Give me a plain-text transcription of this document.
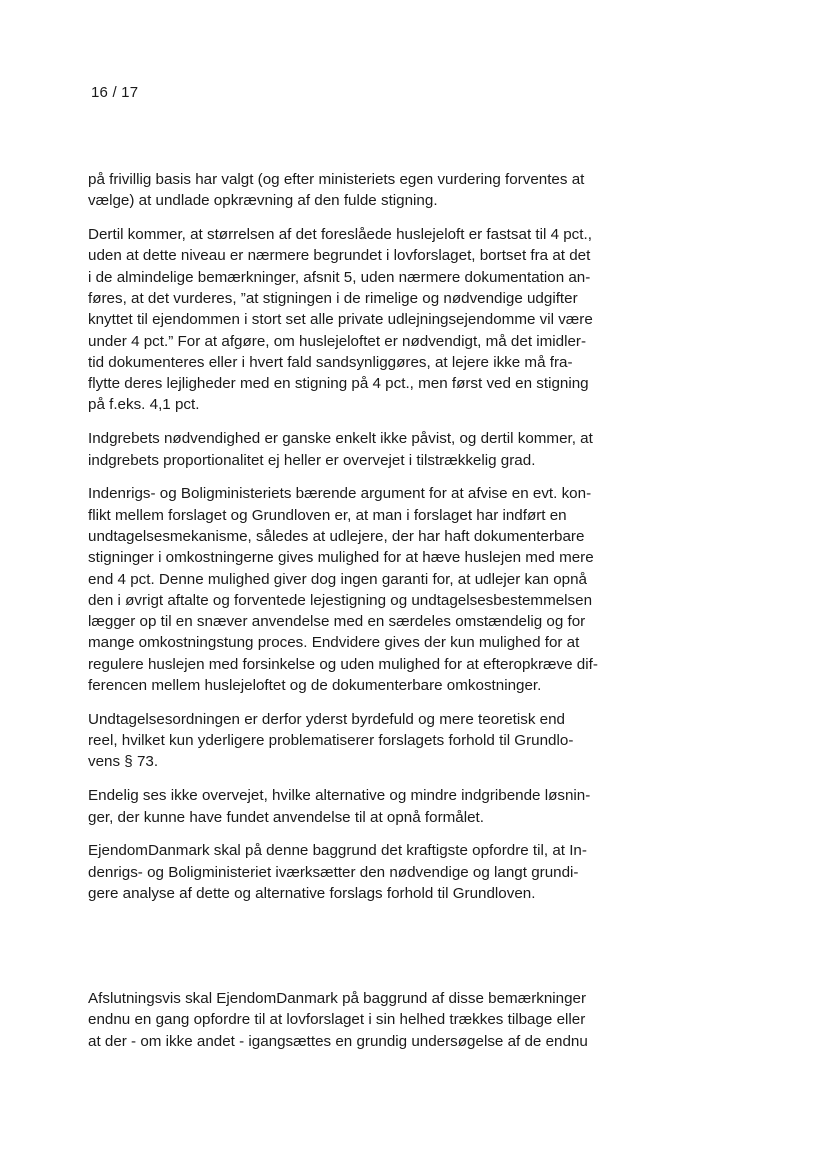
16 / 17

på frivillig basis har valgt (og efter ministeriets egen vurdering forventes at
vælge) at undlade opkrævning af den fulde stigning.

Dertil kommer, at størrelsen af det foreslåede huslejeloft er fastsat til 4 pct.,
uden at dette niveau er nærmere begrundet i lovforslaget, bortset fra at det
i de almindelige bemærkninger, afsnit 5, uden nærmere dokumentation an-
føres, at det vurderes, ”at stigningen i de rimelige og nødvendige udgifter
knyttet til ejendommen i stort set alle private udlejningsejendomme vil være
under 4 pct.” For at afgøre, om huslejeloftet er nødvendigt, må det imidler-
tid dokumenteres eller i hvert fald sandsynliggøres, at lejere ikke må fra-
flytte deres lejligheder med en stigning på 4 pct., men først ved en stigning
på f.eks. 4,1 pct.

Indgrebets nødvendighed er ganske enkelt ikke påvist, og dertil kommer, at
indgrebets proportionalitet ej heller er overvejet i tilstrækkelig grad.

Indenrigs- og Boligministeriets bærende argument for at afvise en evt. kon-
flikt mellem forslaget og Grundloven er, at man i forslaget har indført en
undtagelsesmekanisme, således at udlejere, der har haft dokumenterbare
stigninger i omkostningerne gives mulighed for at hæve huslejen med mere
end 4 pct. Denne mulighed giver dog ingen garanti for, at udlejer kan opnå
den i øvrigt aftalte og forventede lejestigning og undtagelsesbestemmelsen
lægger op til en snæver anvendelse med en særdeles omstændelig og for
mange omkostningstung proces. Endvidere gives der kun mulighed for at
regulere huslejen med forsinkelse og uden mulighed for at efteropkræve dif-
ferencen mellem huslejeloftet og de dokumenterbare omkostninger.

Undtagelsesordningen er derfor yderst byrdefuld og mere teoretisk end
reel, hvilket kun yderligere problematiserer forslagets forhold til Grundlo-
vens § 73.

Endelig ses ikke overvejet, hvilke alternative og mindre indgribende løsnin-
ger, der kunne have fundet anvendelse til at opnå formålet.

EjendomDanmark skal på denne baggrund det kraftigste opfordre til, at In-
denrigs- og Boligministeriet iværksætter den nødvendige og langt grundi-
gere analyse af dette og alternative forslags forhold til Grundloven.

Afslutningsvis skal EjendomDanmark på baggrund af disse bemærkninger
endnu en gang opfordre til at lovforslaget i sin helhed trækkes tilbage eller
at der - om ikke andet - igangsættes en grundig undersøgelse af de endnu
